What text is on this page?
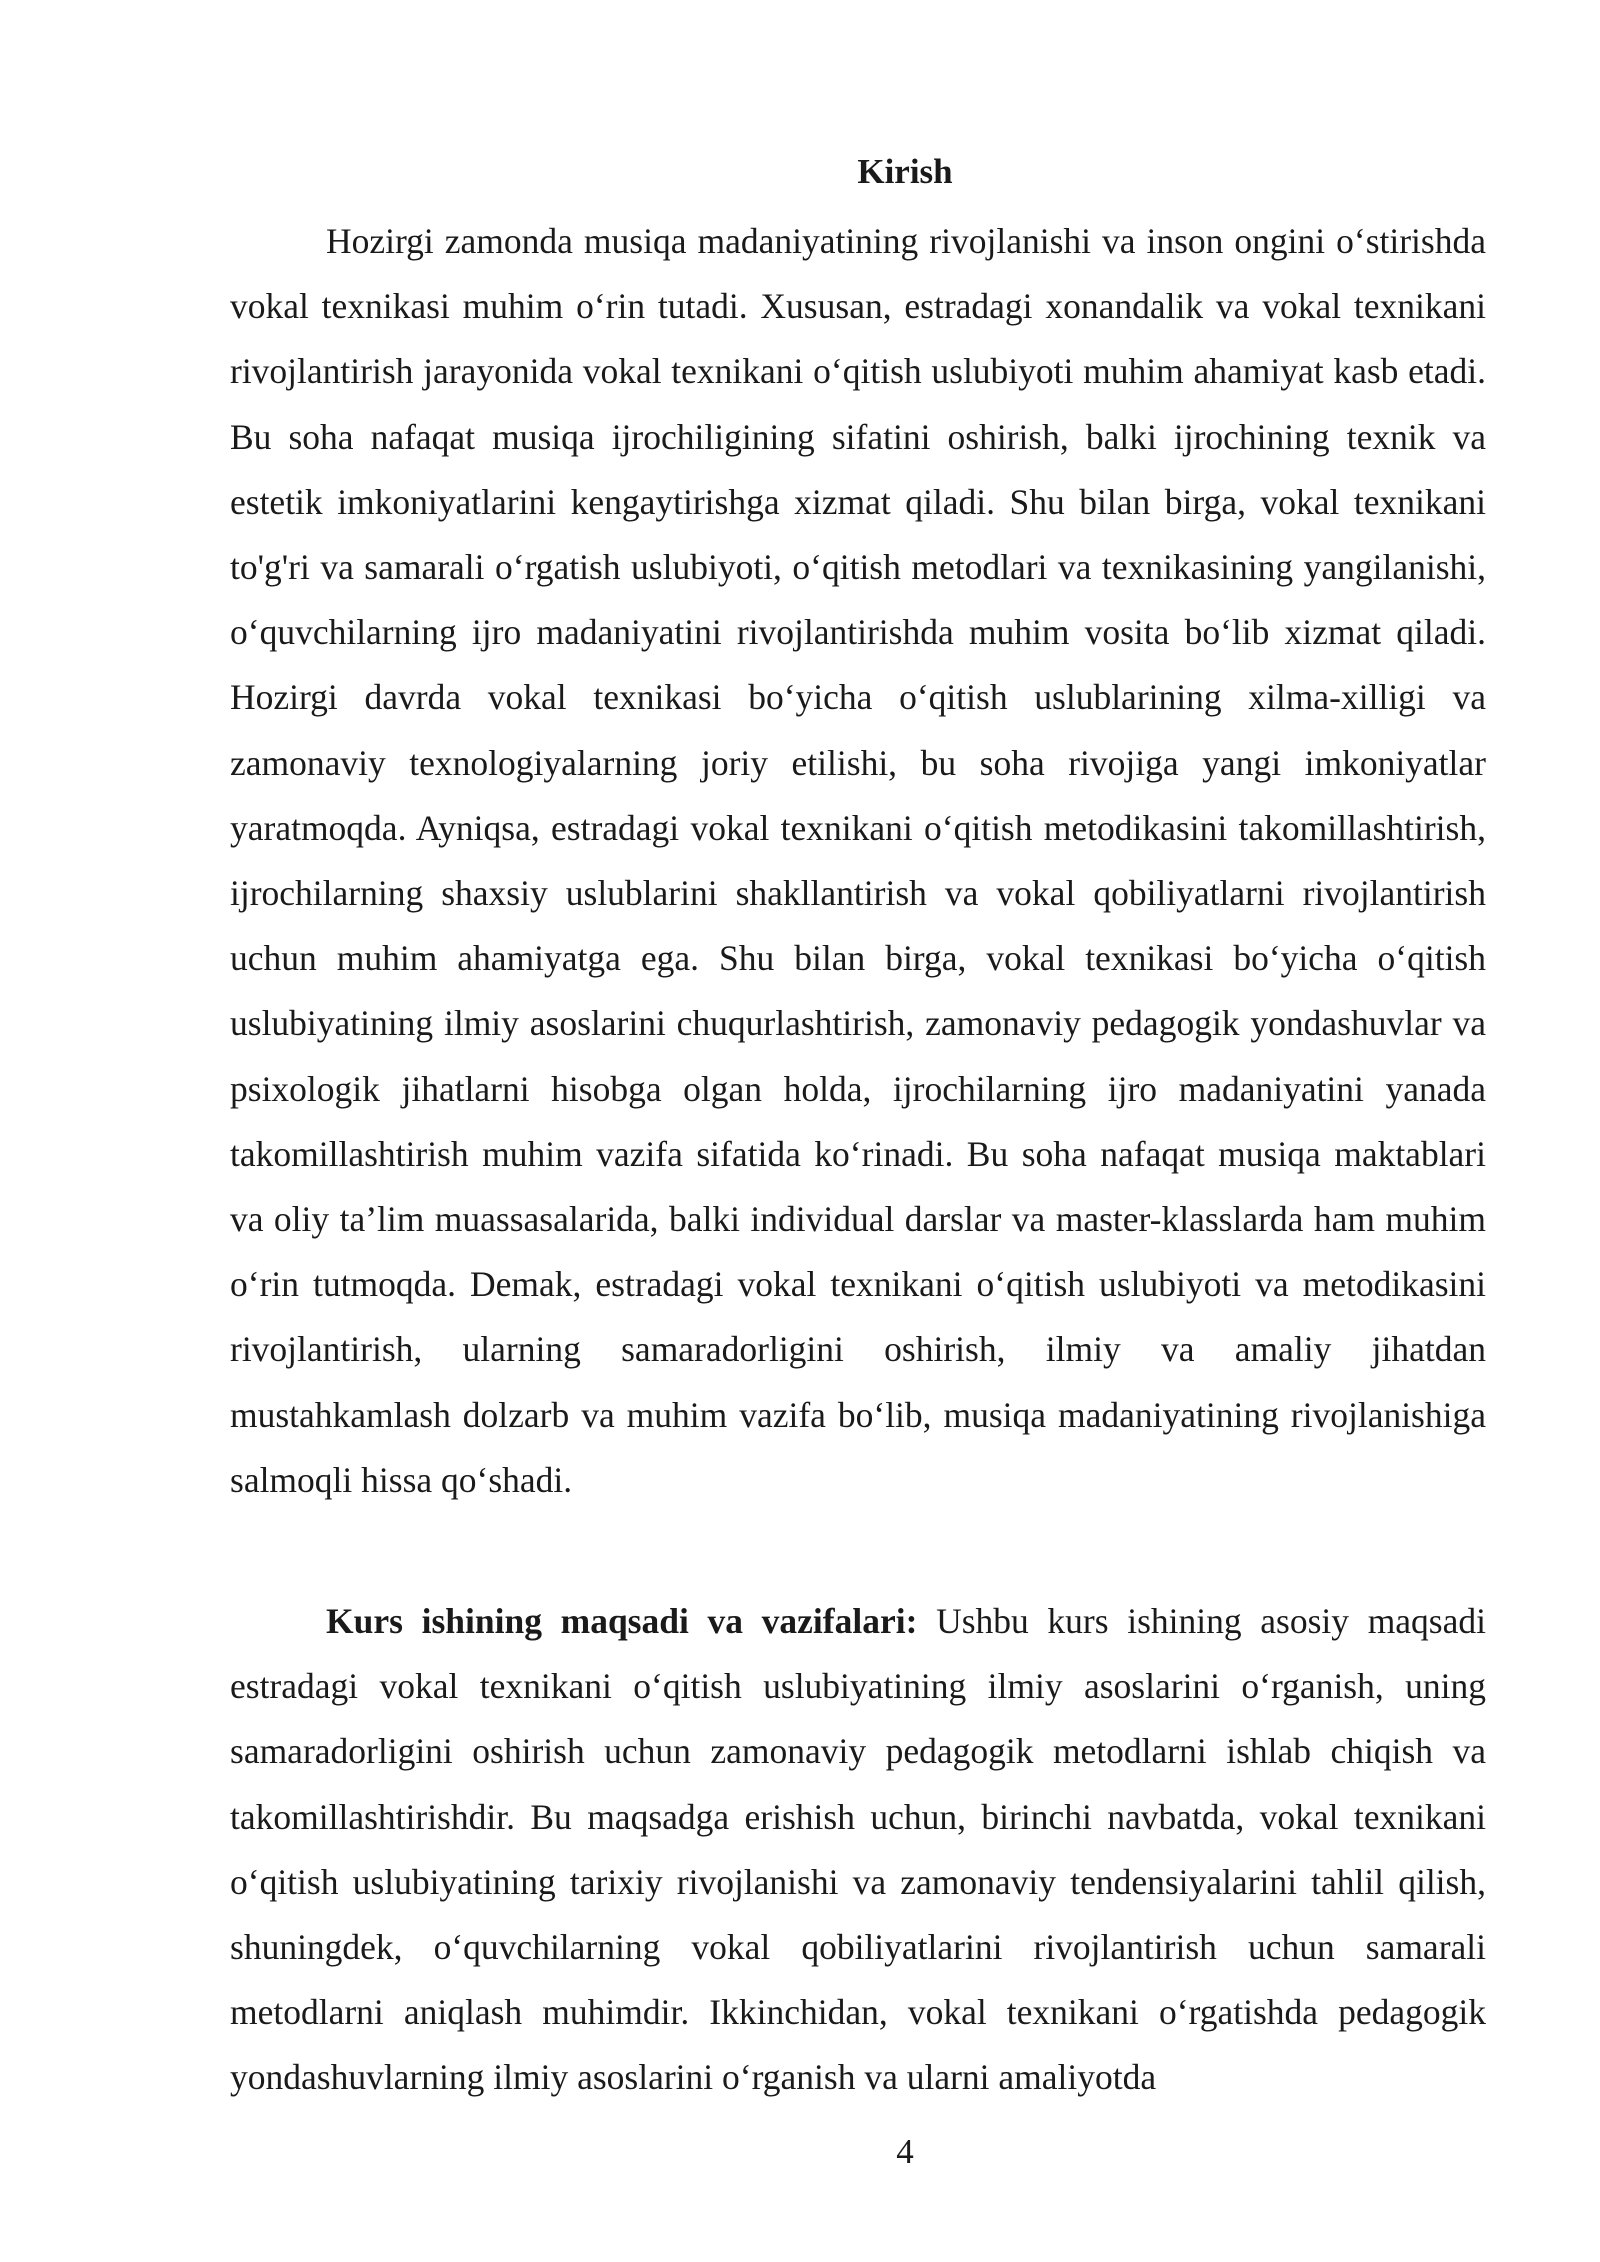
Kirish

Hozirgi zamonda musiqa madaniyatining rivojlanishi va inson ongini o‘stirishda vokal texnikasi muhim o‘rin tutadi. Xususan, estradagi xonandalik va vokal texnikani rivojlantirish jarayonida vokal texnikani o‘qitish uslubiyoti muhim ahamiyat kasb etadi. Bu soha nafaqat musiqa ijrochiligining sifatini oshirish, balki ijrochining texnik va estetik imkoniyatlarini kengaytirishga xizmat qiladi. Shu bilan birga, vokal texnikani to'g'ri va samarali o‘rgatish uslubiyoti, o‘qitish metodlari va texnikasining yangilanishi, o‘quvchilarning ijro madaniyatini rivojlantirishda muhim vosita bo‘lib xizmat qiladi. Hozirgi davrda vokal texnikasi bo‘yicha o‘qitish uslublarining xilma-xilligi va zamonaviy texnologiyalarning joriy etilishi, bu soha rivojiga yangi imkoniyatlar yaratmoqda. Ayniqsa, estradagi vokal texnikani o‘qitish metodikasini takomillashtirish, ijrochilarning shaxsiy uslublarini shakllantirish va vokal qobiliyatlarni rivojlantirish uchun muhim ahamiyatga ega. Shu bilan birga, vokal texnikasi bo‘yicha o‘qitish uslubiyatining ilmiy asoslarini chuqurlashtirish, zamonaviy pedagogik yondashuvlar va psixologik jihatlarni hisobga olgan holda, ijrochilarning ijro madaniyatini yanada takomillashtirish muhim vazifa sifatida ko‘rinadi. Bu soha nafaqat musiqa maktablari va oliy ta’lim muassasalarida, balki individual darslar va master-klasslarda ham muhim o‘rin tutmoqda. Demak, estradagi vokal texnikani o‘qitish uslubiyoti va metodikasini rivojlantirish, ularning samaradorligini oshirish, ilmiy va amaliy jihatdan mustahkamlash dolzarb va muhim vazifa bo‘lib, musiqa madaniyatining rivojlanishiga salmoqli hissa qo‘shadi.

Kurs ishining maqsadi va vazifalari: Ushbu kurs ishining asosiy maqsadi estradagi vokal texnikani o‘qitish uslubiyatining ilmiy asoslarini o‘rganish, uning samaradorligini oshirish uchun zamonaviy pedagogik metodlarni ishlab chiqish va takomillashtirishdir. Bu maqsadga erishish uchun, birinchi navbatda, vokal texnikani o‘qitish uslubiyatining tarixiy rivojlanishi va zamonaviy tendensiyalarini tahlil qilish, shuningdek, o‘quvchilarning vokal qobiliyatlarini rivojlantirish uchun samarali metodlarni aniqlash muhimdir. Ikkinchidan, vokal texnikani o‘rgatishda pedagogik yondashuvlarning ilmiy asoslarini o‘rganish va ularni amaliyotda

4
